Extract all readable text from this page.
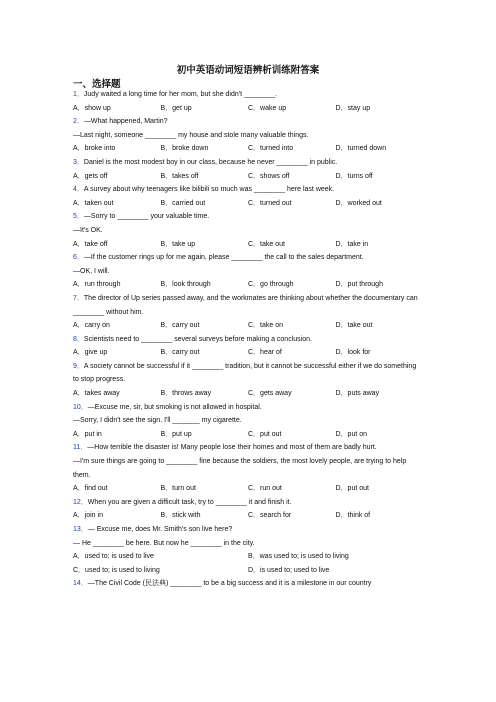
初中英语动词短语辨析训练附答案
一、选择题
1．Judy waited a long time for her mom, but she didn't ________.
A．show up	B．get up	C．wake up	D．stay up
2．—What happened, Martin?
—Last night, someone ________ my house and stole many valuable things.
A．broke into	B．broke down	C．turned into	D．turned down
3．Daniel is the most modest boy in our class, because he never ________ in public.
A．gets off	B．takes off	C．shows off	D．turns off
4．A survey about why teenagers like bilibili so much was ________ here last week.
A．taken out	B．carried out	C．turned out	D．worked out
5．—Sorry to ________ your valuable time.
—It's OK.
A．take off	B．take up	C．take out	D．take in
6．—If the customer rings up for me again, please ________ the call to the sales department.
—OK, I will.
A．run through	B．look through	C．go through	D．put through
7．The director of Up series passed away, and the workmates are thinking about whether the documentary can ________ without him.
A．carry on	B．carry out	C．take on	D．take out
8．Scientists need to ________ several surveys before making a conclusion.
A．give up	B．carry out	C．hear of	D．look for
9．A society cannot be successful if it ________ tradition, but it cannot be successful either if we do something to stop progress.
A．takes away	B．throws away	C．gets away	D．puts away
10．—Excuse me, sir, but smoking is not allowed in hospital.
—Sorry, I didn't see the sign. I'll _______ my cigarette.
A．put in	B．put up	C．put out	D．put on
11．—How terrible the disaster is! Many people lose their homes and most of them are badly hurt.
—I'm sure things are going to ________ fine because the soldiers, the most lovely people, are trying to help them.
A．find out	B．turn out	C．run out	D．put out
12．When you are given a difficult task, try to ________ it and finish it.
A．join in	B．stick with	C．search for	D．think of
13．— Excuse me, does Mr. Smith's son live here?
— He ________ be here. But now he ________ in the city.
A．used to; is used to live	B．was used to; is used to living
C．used to; is used to living	D．is used to; used to live
14．—The Civil Code (民法典) ________ to be a big success and it is a milestone in our country
